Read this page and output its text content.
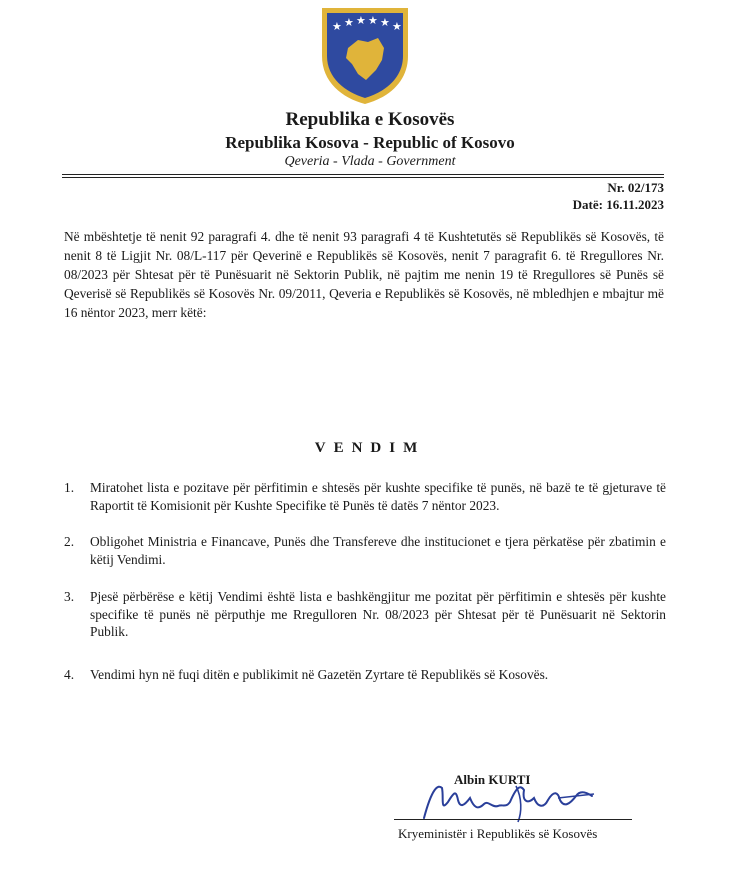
★ ★ ★ ★ ★ ★
Republika e Kosovës
Republika Kosova - Republic of Kosovo
Qeveria - Vlada - Government
Nr. 02/173
Datë: 16.11.2023
Në mbështetje të nenit 92 paragrafi 4. dhe të nenit 93 paragrafi 4 të Kushtetutës së Republikës së Kosovës, të nenit 8 të Ligjit Nr. 08/L-117 për Qeverinë e Republikës së Kosovës, nenit 7 paragrafit 6. të Rregullores Nr. 08/2023 për Shtesat për të Punësuarit në Sektorin Publik, në pajtim me nenin 19 të Rregullores së Punës së Qeverisë së Republikës së Kosovës Nr. 09/2011, Qeveria e Republikës së Kosovës, në mbledhjen e mbajtur më 16 nëntor 2023, merr këtë:
VENDIM
1. Miratohet lista e pozitave për përfitimin e shtesës për kushte specifike të punës, në bazë te të gjeturave të Raportit të Komisionit për Kushte Specifike të Punës të datës 7 nëntor 2023.
2. Obligohet Ministria e Financave, Punës dhe Transfereve dhe institucionet e tjera përkatëse për zbatimin e këtij Vendimi.
3. Pjesë përbërëse e këtij Vendimi është lista e bashkëngjitur me pozitat për përfitimin e shtesës për kushte specifike të punës në përputhje me Rregulloren Nr. 08/2023 për Shtesat për të Punësuarit në Sektorin Publik.
4. Vendimi hyn në fuqi ditën e publikimit në Gazetën Zyrtare të Republikës së Kosovës.
Albin KURTI
Kryeministër i Republikës së Kosovës
